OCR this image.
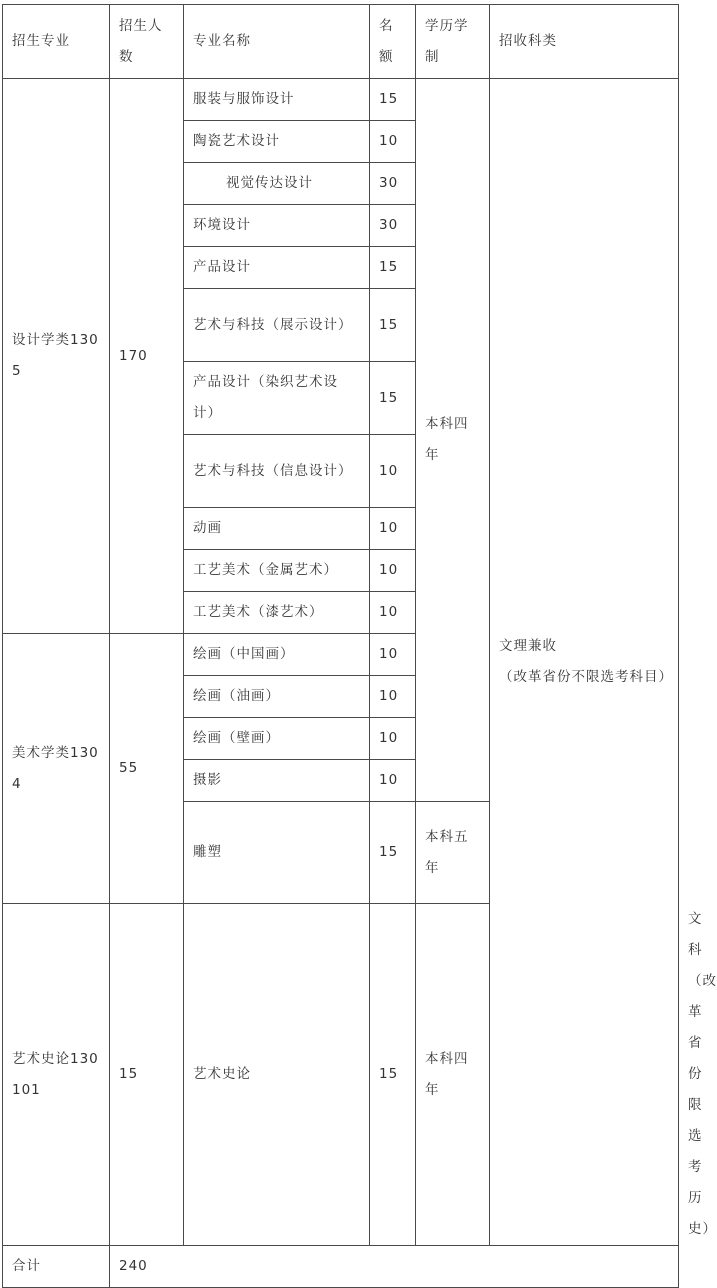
招生专业	招生人数	专业名称	名额	学历学制	招收科类	
设计学类1305	170	服装与服饰设计	15	本科四年	文理兼收
（改革省份不限选考科目）	

		陶瓷艺术设计	10			
		视觉传达设计	30			
		环境设计	30			
		产品设计	15			
		艺术与科技（展示设计）	15			
		产品设计（染织艺术设计）	15			
		艺术与科技（信息设计）	10			
		动画	10			
		工艺美术（金属艺术）	10			
		工艺美术（漆艺术）	10			
美术学类1304	55	绘画（中国画）	10			
		绘画（油画）	10			
		绘画（壁画）	10			
		摄影	10			
		雕塑	15	本科五年		
艺术史论130101	15	艺术史论	15	本科四年		文科
（改革省份限选考历史）

合计	240					
